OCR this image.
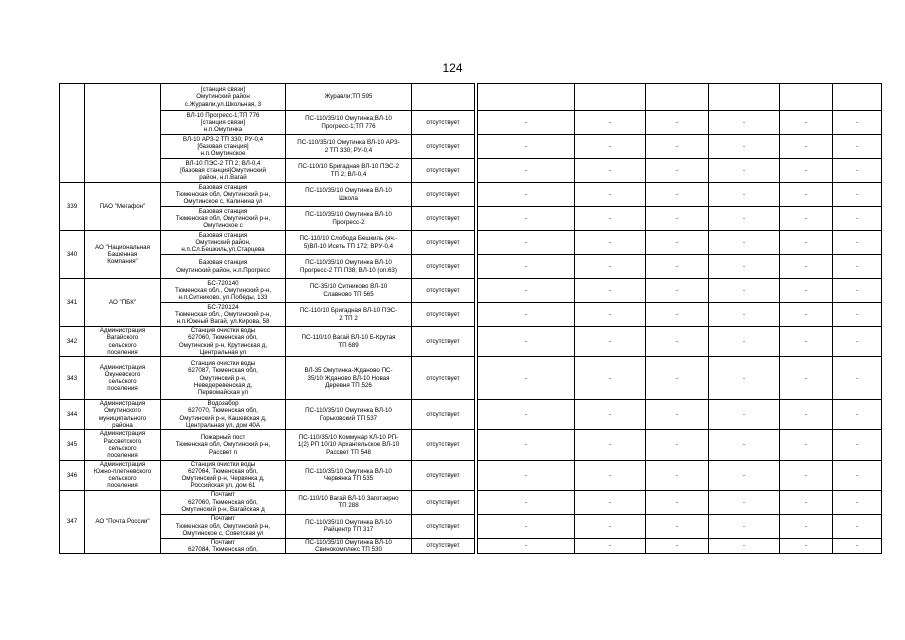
124
		[станция связи]
Омутинский район
с.Журавли,ул.Школьная, 3	Журавли;ТП 595									
		ВЛ-10 Прогресс-1;ТП 776
[станция связи]
н.п.Омутинка	ПС-110/35/10 Омутинка;ВЛ-10
Прогресс-1;ТП 776	отсутствует		-	-	-	-	-	-	
		ВЛ-10 АРЗ-2 ТП 330; РУ-0,4
[базовая станция]
н.п.Омутинское	ПС-110/35/10 Омутинка ВЛ-10 АРЗ-
2 ТП 330; РУ-0,4	отсутствует		-	-	-	-	-	-	
		ВЛ-10 ПЭС-2 ТП 2; ВЛ-0,4
[базовая станция]Омутинский
район, н.п.Вагай	ПС-110/10 Бригадная ВЛ-10 ПЭС-2
ТП 2; ВЛ-0,4	отсутствует		-	-	-	-	-	-	
339	ПАО "Мегафон"	Базовая станция
Тюменская обл, Омутинский р-н,
Омутинское с, Калинина ул	ПС-110/35/10 Омутинка ВЛ-10
Школа	отсутствует		-	-	-	-	-	-	
		Базовая станция
Тюменская обл, Омутинский р-н,
Омутинское с	ПС-110/35/10 Омутинка ВЛ-10
Прогресс-2	отсутствует		-	-	-	-	-	-	
340	АО "Национальная
Башенная
Компания"	Базовая станция
Омутинский район,
н.п.Сл.Бешкиль,ул.Старцева	ПС-110/10 Слобода Бешкиль (яч.-
5)ВЛ-10 Исеть ТП 172; ВРУ-0,4	отсутствует		-	-	-	-	-	-	
		Базовая станция
Омутинский район, н.п.Прогресс	ПС-110/35/10 Омутинка ВЛ-10
Прогресс-2 ТП П38; ВЛ-10 (оп.63)	отсутствует		-	-	-	-	-	-	
341	АО "ПБК"	БС-720140
Тюменская обл., Омутинский р-н,
н.п.Ситниково, ул.Победы, 133	ПС-35/10 Ситниково ВЛ-10
Славново ТП 565	отсутствует		-	-	-	-	-	-	
		БС-720124
Тюменская обл., Омутинский р-н,
н.п.Южный Вагай, ул.Кирова, 58	ПС-110/10 Бригадная ВЛ-10 ПЭС-
2 ТП 2	отсутствует		-	-	-	-	-	-	
342	Администрация
Вагайского
сельского
поселения	Станция очистки воды
627060, Тюменская обл,
Омутинский р-н, Крутинская д,
Центральная ул	ПС-110/10 Вагай ВЛ-10 Б-Крутая
ТП 689	отсутствует		-	-	-	-	-	-	
343	Администрация
Окуневского
сельского
поселения	Станция очистки воды
627087, Тюменская обл,
Омутинский р-н,
Неведеревенская д,
Первомайская ул	ВЛ-35 Омутинка-Ждановo ПС-
35/10 Ждановo ВЛ-10 Новая
Деревня ТП 526	отсутствует		-	-	-	-	-	-	
344	Администрация
Омутинского
муниципального
района	Водозабор
627070, Тюменская обл,
Омутинский р-н, Кашевская д,
Центральная ул, дом 40А	ПС-110/35/10 Омутинка ВЛ-10
Горьковский ТП 537	отсутствует		-	-	-	-	-	-	
345	Администрация
Рассветского
сельского
поселения	Пожарный пост
Тюменская обл, Омутинский р-н,
Рассвет п	ПС-110/35/10 Коммунар КЛ-10 РП-
1(2) РП 10/10 Архангельское ВЛ-10
Рассвет ТП 548	отсутствует		-	-	-	-	-	-	
346	Администрация
Южно-плетневского
сельского
поселения	Станция очистки воды
627064, Тюменская обл,
Омутинский р-н, Червянка д,
Российская ул, дом 61	ПС-110/35/10 Омутинка ВЛ-10
Червянка ТП 535	отсутствует		-	-	-	-	-	-	
347	АО "Почта России"	Почтамт
627060, Тюменская обл,
Омутинский р-н, Вагайская д	ПС-110/10 Вагай ВЛ-10 Заготзерно
ТП 288	отсутствует		-	-	-	-	-	-	
		Почтамт
Тюменская обл, Омутинский р-н,
Омутинское с, Советская ул	ПС-110/35/10 Омутинка ВЛ-10
Райцентр ТП 317	отсутствует		-	-	-	-	-	-	
		Почтамт
627084, Тюменская обл,	ПС-110/35/10 Омутинка ВЛ-10
Свинокомплекс ТП 530	отсутствует		-	-	-	-	-	-	
